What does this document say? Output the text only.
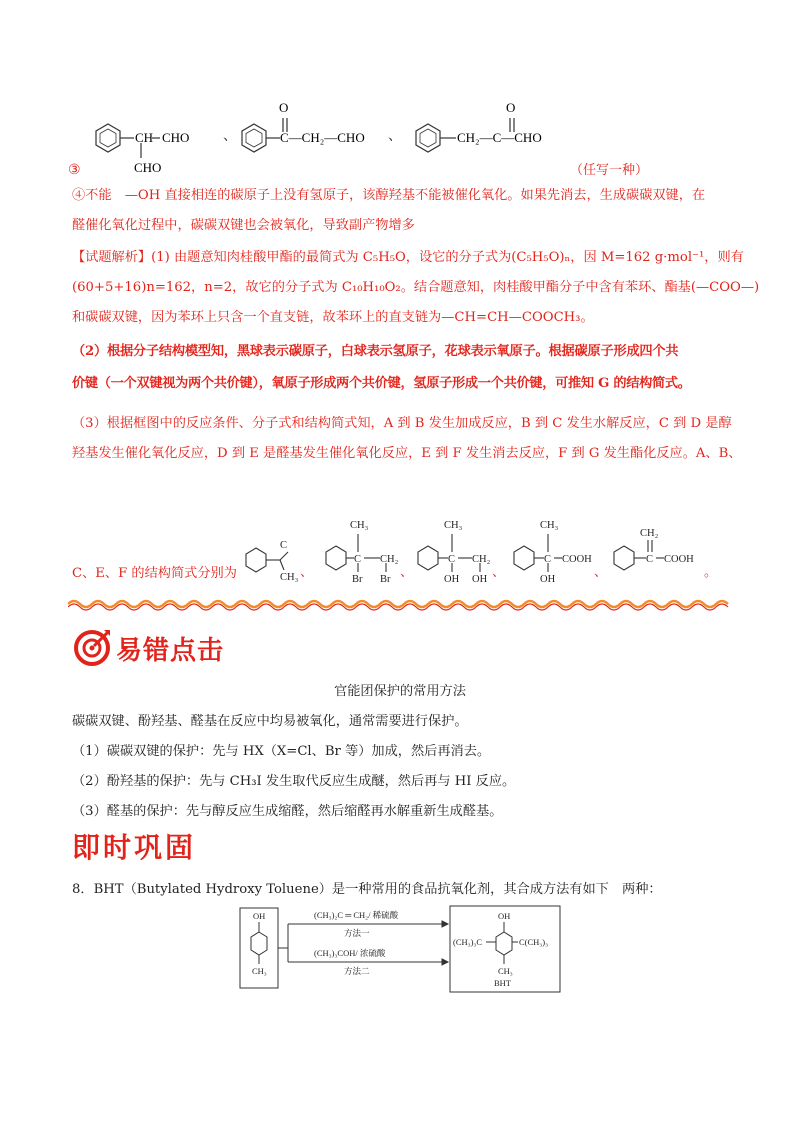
CH CHO
CHO
、
O
C—CH₂—CHO 、
O
CH₂—C—CHO
③	（任写一种）
④不能　—OH 直接相连的碳原子上没有氢原子，该醇羟基不能被催化氧化。如果先消去，生成碳碳双键，在
醛催化氧化过程中，碳碳双键也会被氧化，导致副产物增多
【试题解析】(1) 由题意知肉桂酸甲酯的最简式为 C₅H₅O，设它的分子式为(C₅H₅O)ₙ，因 M=162 g·mol⁻¹，则有
(60+5+16)n=162，n=2，故它的分子式为 C₁₀H₁₀O₂。结合题意知，肉桂酸甲酯分子中含有苯环、酯基(—COO—)
和碳碳双键，因为苯环上只含一个直支链，故苯环上的直支链为—CH=CH—COOCH₃。
（2）根据分子结构模型知，黑球表示碳原子，白球表示氢原子，花球表示氧原子。根据碳原子形成四个共
价键（一个双键视为两个共价键），氧原子形成两个共价键，氢原子形成一个共价键，可推知 G 的结构简式。
（3）根据框图中的反应条件、分子式和结构简式知，A 到 B 发生加成反应，B 到 C 发生水解反应，C 到 D 是醇
羟基发生催化氧化反应，D 到 E 是醛基发生催化氧化反应，E 到 F 发生消去反应，F 到 G 发生酯化反应。A、B、
C、E、F 的结构简式分别为
C
CH₃ 、
CH₃
C CH₂
Br Br
、
CH₃
C CH₂
OH OH
、
CH₃
C COOH
OH
、
CH₂
C COOH
。
易错点击
官能团保护的常用方法
碳碳双键、酚羟基、醛基在反应中均易被氧化，通常需要进行保护。
（1）碳碳双键的保护：先与 HX（X=Cl、Br 等）加成，然后再消去。
（2）酚羟基的保护：先与 CH₃I 发生取代反应生成醚，然后再与 HI 反应。
（3）醛基的保护：先与醇反应生成缩醛，然后缩醛再水解重新生成醛基。
即时巩固
8．BHT（Butylated Hydroxy Toluene）是一种常用的食品抗氧化剂，其合成方法有如下　两种：
OH
CH₃
(CH₃)₂C ═ CH₂/ 稀硫酸
方法一
(CH₃)₃COH/ 浓硫酸
方法二
OH
(CH₃)₃C	C(CH₃)₃
CH₃
BHT
